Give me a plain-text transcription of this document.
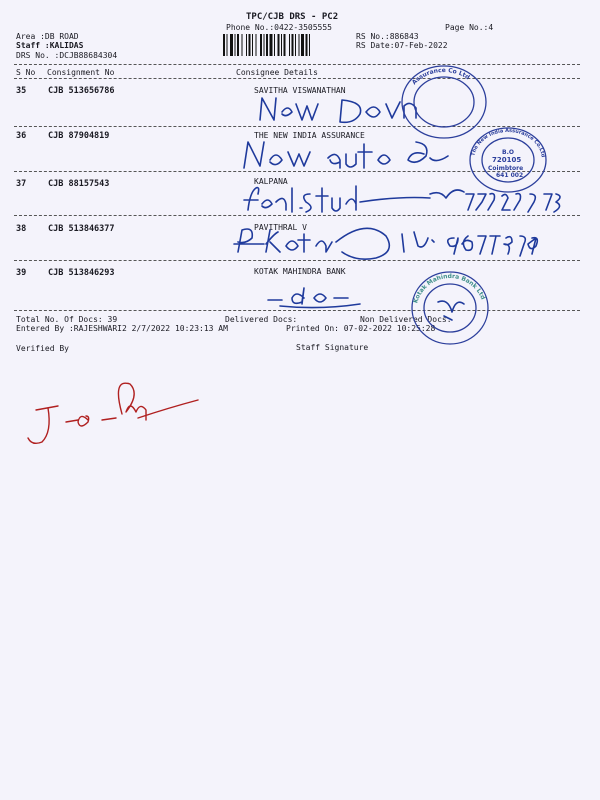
TPC/CJB DRS - PC2
Phone No.:0422-3505555	Page No.:4
Area :DB ROAD
Staff :KALIDAS
DRS No. :DCJB88684304
RS No.:886843
RS Date:07-Feb-2022
S No Consignment No	Consignee Details
35	CJB 513656786	SAVITHA VISWANATHAN
36	CJB 87904819	THE NEW INDIA ASSURANCE
37	CJB 88157543	KALPANA
38	CJB 513846377	PAVITHRAL V
39	CJB 513846293	KOTAK MAHINDRA BANK
Total No. Of Docs: 39	Delivered Docs:	Non Delivered Docs:
Entered By :RAJESHWARI2 2/7/2022 10:23:13 AM	Printed On: 07-02-2022 10:25:28
Verified By	Staff Signature
Assurance Co Ltd
The New India Assurance Co.Ltd
B.O
720105
Coimbtore
641 002
Kotak Mahindra Bank Ltd
